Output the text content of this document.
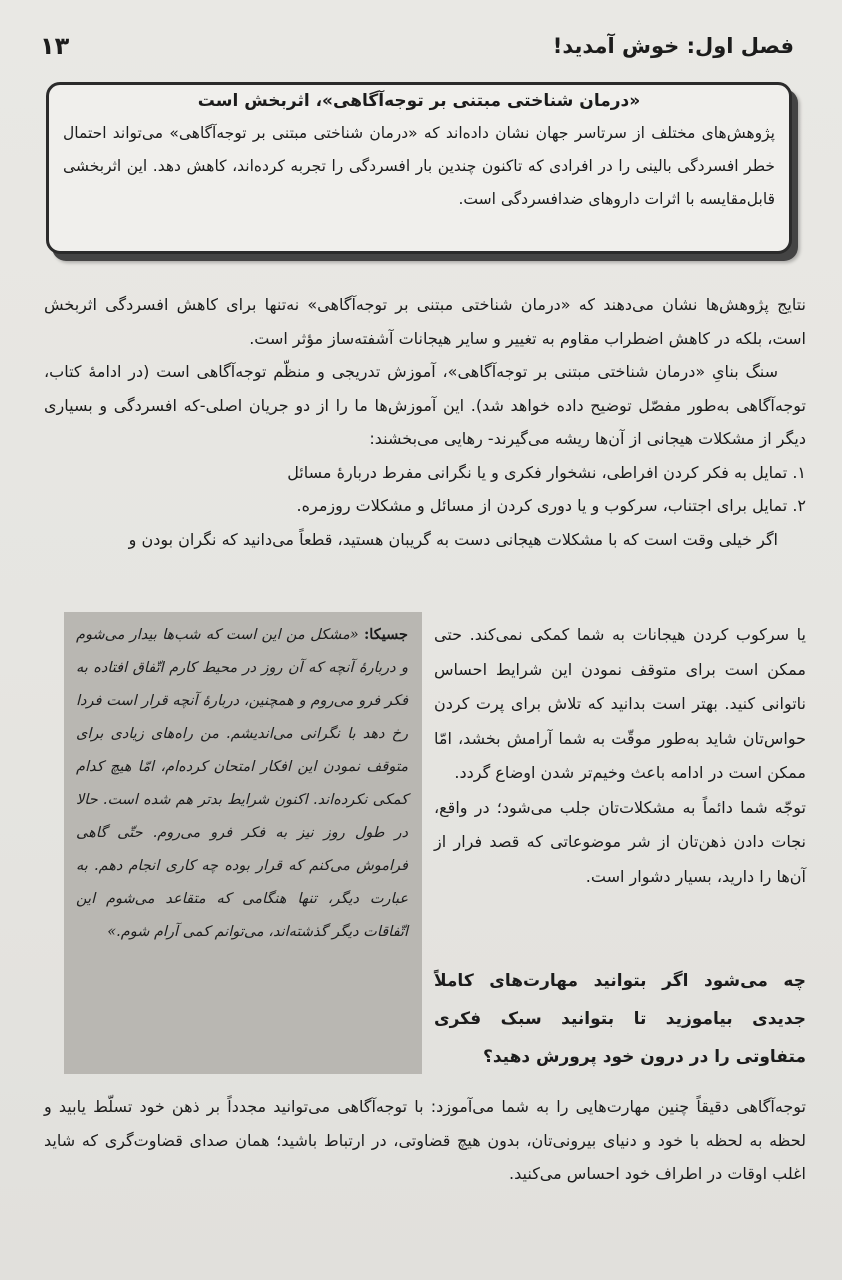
فصل اول: خوش آمدید!
۱۳
«درمان شناختی مبتنی بر توجه‌آگاهی»، اثربخش است

پژوهش‌های مختلف از سرتاسر جهان نشان داده‌اند که «درمان شناختی مبتنی بر توجه‌آگاهی» می‌تواند احتمال خطر افسردگی بالینی را در افرادی که تاکنون چندین بار افسردگی را تجربه کرده‌اند، کاهش دهد. این اثربخشی قابل‌مقایسه با اثرات داروهای ضدافسردگی است.

نتایج پژوهش‌ها نشان می‌دهند که «درمان شناختی مبتنی بر توجه‌آگاهی» نه‌تنها برای کاهش افسردگی اثربخش است، بلکه در کاهش اضطراب مقاوم به تغییر و سایر هیجانات آشفته‌ساز مؤثر است.

سنگ بنایِ «درمان شناختی مبتنی بر توجه‌آگاهی»، آموزش تدریجی و منظّم توجه‌آگاهی است (در ادامهٔ کتاب، توجه‌آگاهی به‌طور مفصّل توضیح داده خواهد شد). این آموزش‌ها ما را از دو جریان اصلی-که افسردگی و بسیاری دیگر از مشکلات هیجانی از آن‌ها ریشه می‌گیرند- رهایی می‌بخشند:

۱. تمایل به فکر کردن افراطی، نشخوار فکری و یا نگرانی مفرط دربارهٔ مسائل

۲. تمایل برای اجتناب، سرکوب و یا دوری کردن از مسائل و مشکلات روزمره.

اگر خیلی وقت است که با مشکلات هیجانی دست به گریبان هستید، قطعاً می‌دانید که نگران بودن و

جسیکا: «مشکل من این است که شب‌ها بیدار می‌شوم و دربارهٔ آنچه که آن روز در محیط کارم اتّفاق افتاده به فکر فرو می‌روم و همچنین، دربارهٔ آنچه قرار است فردا رخ دهد با نگرانی می‌اندیشم. من راه‌های زیادی برای متوقف نمودن این افکار امتحان کرده‌ام، امّا هیچ کدام کمکی نکرده‌اند. اکنون شرایط بدتر هم شده است. حالا در طول روز نیز به فکر فرو می‌روم. حتّی گاهی فراموش می‌کنم که قرار بوده چه کاری انجام دهم. به عبارت دیگر، تنها هنگامی که متقاعد می‌شوم این اتّفاقات دیگر گذشته‌اند، می‌توانم کمی آرام شوم.»

یا سرکوب کردن هیجانات به شما کمکی نمی‌کند. حتی ممکن است برای متوقف نمودن این شرایط احساس ناتوانی کنید. بهتر است بدانید که تلاش برای پرت کردن حواس‌تان شاید به‌طور موقّت به شما آرامش بخشد، امّا ممکن است در ادامه باعث وخیم‌تر شدن اوضاع گردد.

توجّه شما دائماً به مشکلات‌تان جلب می‌شود؛ در واقع، نجات دادن ذهن‌تان از شر موضوعاتی که قصد فرار از آن‌ها را دارید، بسیار دشوار است.

چه می‌شود اگر بتوانید مهارت‌های کاملاً جدیدی بیاموزید تا بتوانید سبک فکری متفاوتی را در درون خود پرورش دهید؟

توجه‌آگاهی دقیقاً چنین مهارت‌هایی را به شما می‌آموزد: با توجه‌آگاهی می‌توانید مجدداً بر ذهن خود تسلّط یابید و لحظه به لحظه با خود و دنیای بیرونی‌تان، بدون هیچ قضاوتی، در ارتباط باشید؛ همان صدای قضاوت‌گری که شاید اغلب اوقات در اطراف خود احساس می‌کنید.
